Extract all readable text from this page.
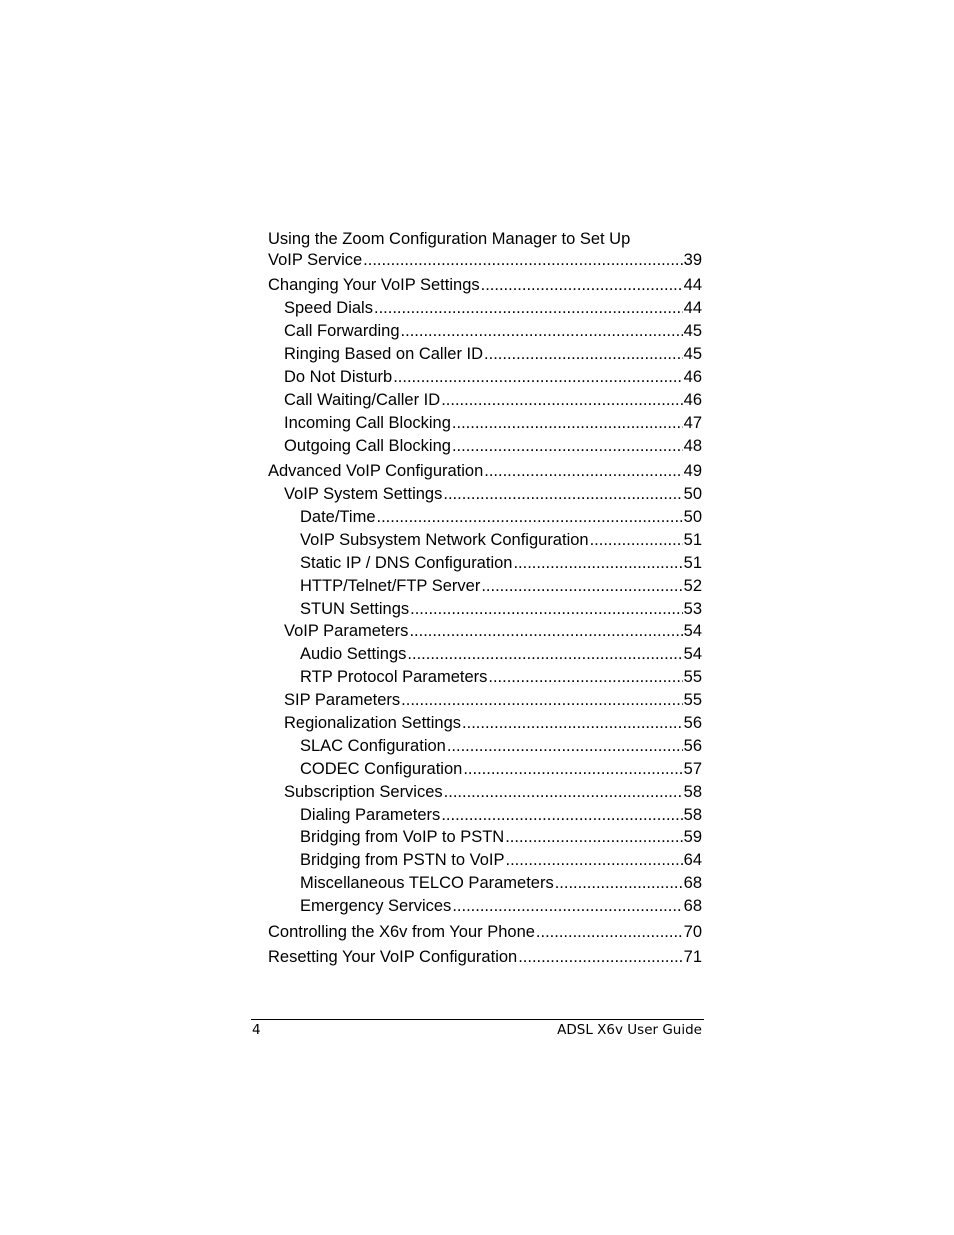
Using the Zoom Configuration Manager to Set Up
VoIP Service .....	39
Changing Your VoIP Settings .....	44
Speed Dials .....	44
Call Forwarding .....	45
Ringing Based on Caller ID .....	45
Do Not Disturb .....	46
Call Waiting/Caller ID .....	46
Incoming Call Blocking .....	47
Outgoing Call Blocking .....	48
Advanced VoIP Configuration .....	49
VoIP System Settings .....	50
Date/Time .....	50
VoIP Subsystem Network Configuration .....	51
Static IP / DNS Configuration .....	51
HTTP/Telnet/FTP Server .....	52
STUN Settings .....	53
VoIP Parameters .....	54
Audio Settings .....	54
RTP Protocol Parameters .....	55
SIP Parameters .....	55
Regionalization Settings .....	56
SLAC Configuration .....	56
CODEC Configuration .....	57
Subscription Services .....	58
Dialing Parameters .....	58
Bridging from VoIP to PSTN .....	59
Bridging from PSTN to VoIP .....	64
Miscellaneous TELCO Parameters .....	68
Emergency Services .....	68
Controlling the X6v from Your Phone .....	70
Resetting Your VoIP Configuration .....	71
4	ADSL X6v User Guide
